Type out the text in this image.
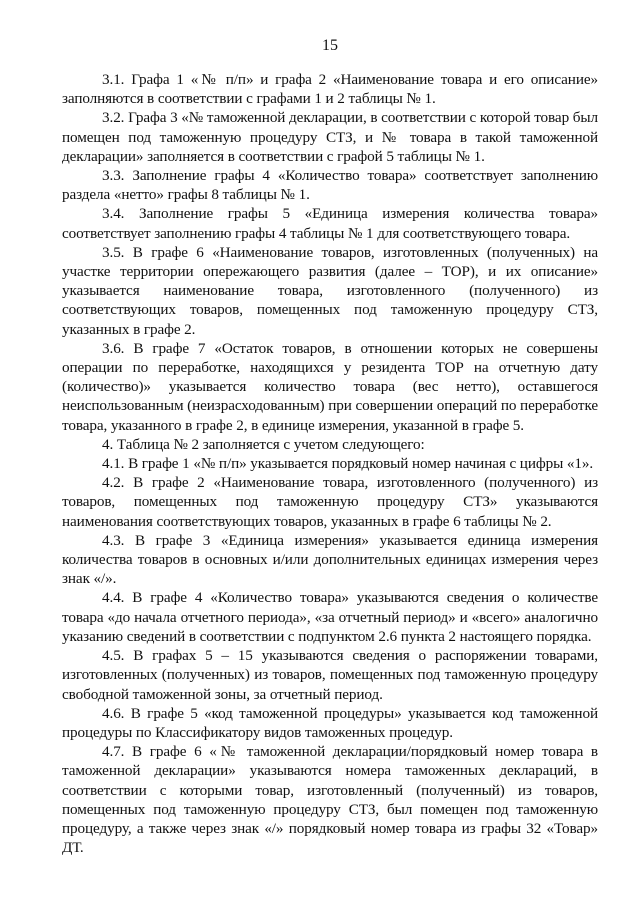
15

3.1. Графа 1 «№ п/п» и графа 2 «Наименование товара и его описание» заполняются в соответствии с графами 1 и 2 таблицы № 1.

3.2. Графа 3 «№ таможенной декларации, в соответствии с которой товар был помещен под таможенную процедуру СТЗ, и № товара в такой таможенной декларации» заполняется в соответствии с графой 5 таблицы № 1.

3.3. Заполнение графы 4 «Количество товара» соответствует заполнению раздела «нетто» графы 8 таблицы № 1.

3.4. Заполнение графы 5 «Единица измерения количества товара» соответствует заполнению графы 4 таблицы № 1 для соответствующего товара.

3.5. В графе 6 «Наименование товаров, изготовленных (полученных) на участке территории опережающего развития (далее – ТОР), и их описание» указывается наименование товара, изготовленного (полученного) из соответствующих товаров, помещенных под таможенную процедуру СТЗ, указанных в графе 2.

3.6. В графе 7 «Остаток товаров, в отношении которых не совершены операции по переработке, находящихся у резидента ТОР на отчетную дату (количество)» указывается количество товара (вес нетто), оставшегося неиспользованным (неизрасходованным) при совершении операций по переработке товара, указанного в графе 2, в единице измерения, указанной в графе 5.

4. Таблица № 2 заполняется с учетом следующего:

4.1. В графе 1 «№ п/п» указывается порядковый номер начиная с цифры «1».

4.2. В графе 2 «Наименование товара, изготовленного (полученного) из товаров, помещенных под таможенную процедуру СТЗ» указываются наименования соответствующих товаров, указанных в графе 6 таблицы № 2.

4.3. В графе 3 «Единица измерения» указывается единица измерения количества товаров в основных и/или дополнительных единицах измерения через знак «/».

4.4. В графе 4 «Количество товара» указываются сведения о количестве товара «до начала отчетного периода», «за отчетный период» и «всего» аналогично указанию сведений в соответствии с подпунктом 2.6 пункта 2 настоящего порядка.

4.5. В графах 5 – 15 указываются сведения о распоряжении товарами, изготовленных (полученных) из товаров, помещенных под таможенную процедуру свободной таможенной зоны, за отчетный период.

4.6. В графе 5 «код таможенной процедуры» указывается код таможенной процедуры по Классификатору видов таможенных процедур.

4.7. В графе 6 «№ таможенной декларации/порядковый номер товара в таможенной декларации» указываются номера таможенных деклараций, в соответствии с которыми товар, изготовленный (полученный) из товаров, помещенных под таможенную процедуру СТЗ, был помещен под таможенную процедуру, а также через знак «/» порядковый номер товара из графы 32 «Товар» ДТ.
